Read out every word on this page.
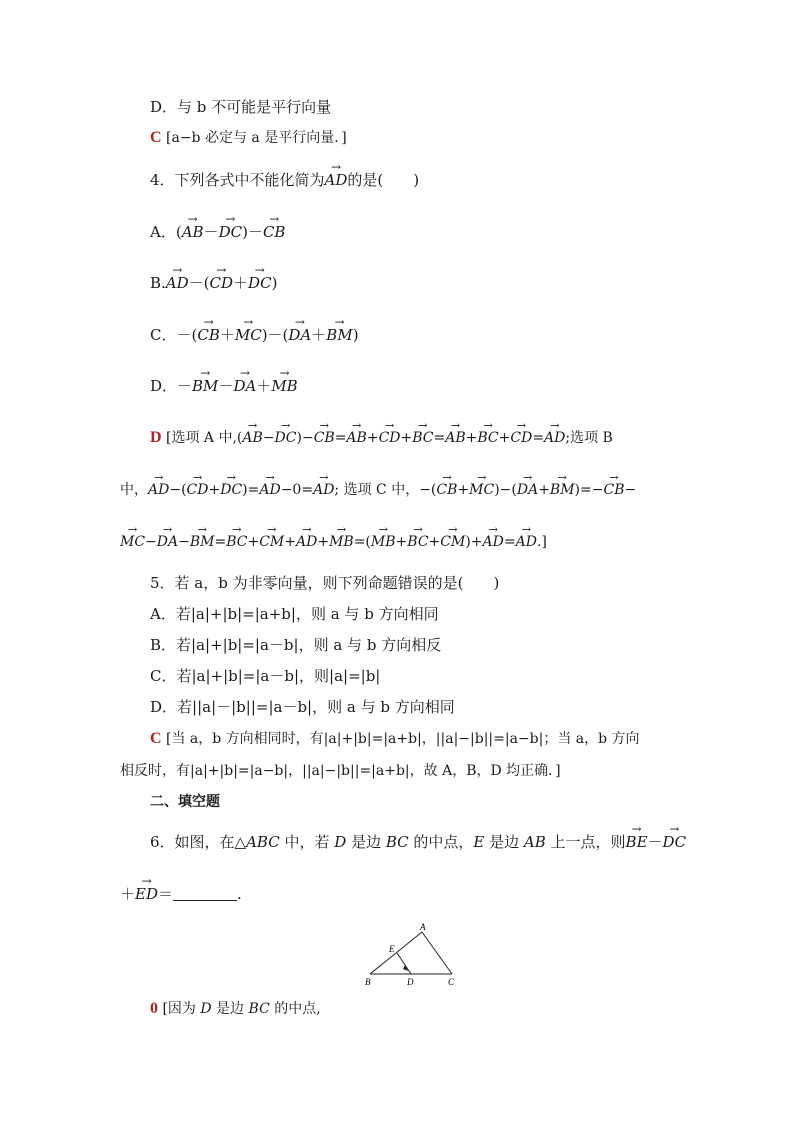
D．与 b 不可能是平行向量
C [a−b 必定与 a 是平行向量．]
4．下列各式中不能化简为→ AD的是(　　)
A．(→ AB－→ DC)－→ CB
B.→ AD－(→ CD＋→ DC)
C．－(→ CB＋→ MC)－(→ DA＋→ BM)
D．－→ BM－→ DA＋→ MB
D [选项 A 中,(→ AB−→ DC)−→ CB=→ AB+→ CD+→ BC=→ AB+→ BC+→ CD=→ AD;选项 B
中，→ AD−(→ CD+→ DC)=→ AD−0=→ AD; 选项 C 中，−(→ CB+→ MC)−(→ DA+→ BM)=−→ CB−
→ MC−→ DA−→ BM=→ BC+→ CM+→ AD+→ MB=(→ MB+→ BC+→ CM)+→ AD=→ AD.]
5．若 a，b 为非零向量，则下列命题错误的是(　　)
A．若|a|+|b|=|a+b|，则 a 与 b 方向相同
B．若|a|+|b|=|a－b|，则 a 与 b 方向相反
C．若|a|+|b|=|a－b|，则|a|=|b|
D．若||a|－|b||=|a－b|，则 a 与 b 方向相同
C [当 a，b 方向相同时，有|a|+|b|=|a+b|，||a|−|b||=|a−b|；当 a，b 方向
相反时，有|a|+|b|=|a−b|，||a|−|b||=|a+b|，故 A，B，D 均正确．]
二、填空题
6．如图，在△ABC 中，若 D 是边 BC 的中点，E 是边 AB 上一点，则→ BE－→ DC
＋→ ED＝	.
0 [因为 D 是边 BC 的中点,
A
B	C
D
E
